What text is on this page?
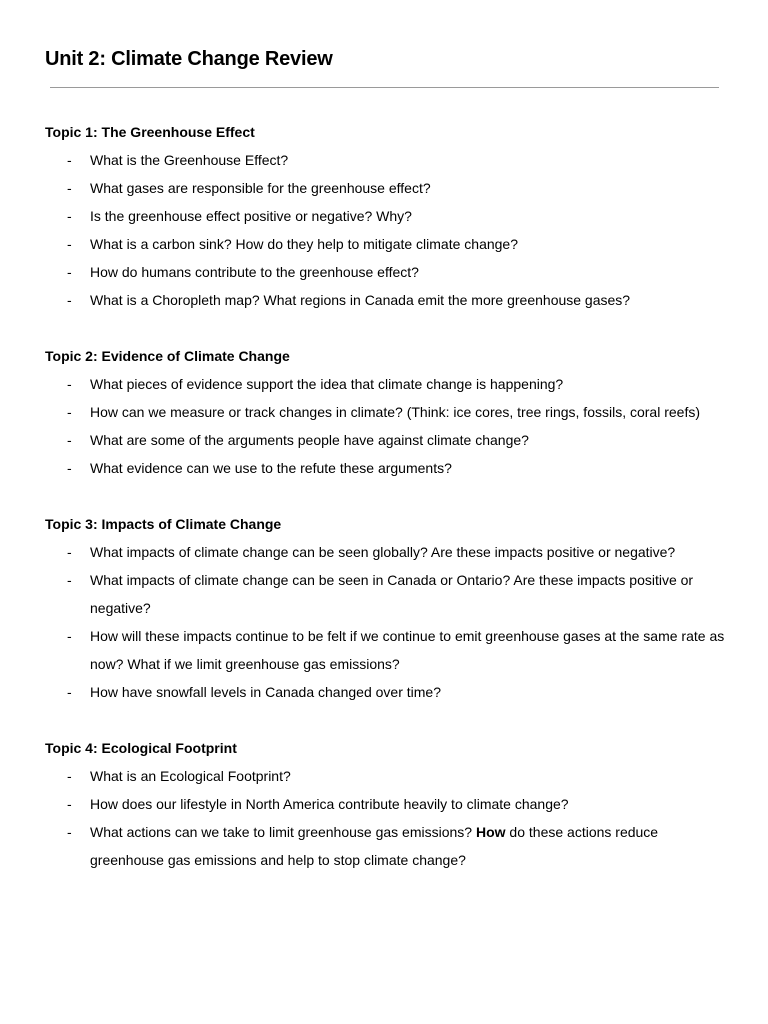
Unit 2: Climate Change Review
Topic 1: The Greenhouse Effect
- What is the Greenhouse Effect?
- What gases are responsible for the greenhouse effect?
- Is the greenhouse effect positive or negative? Why?
- What is a carbon sink? How do they help to mitigate climate change?
- How do humans contribute to the greenhouse effect?
- What is a Choropleth map? What regions in Canada emit the more greenhouse gases?
Topic 2: Evidence of Climate Change
- What pieces of evidence support the idea that climate change is happening?
- How can we measure or track changes in climate? (Think: ice cores, tree rings, fossils, coral reefs)
- What are some of the arguments people have against climate change?
- What evidence can we use to the refute these arguments?
Topic 3: Impacts of Climate Change
- What impacts of climate change can be seen globally? Are these impacts positive or negative?
- What impacts of climate change can be seen in Canada or Ontario? Are these impacts positive or negative?
- How will these impacts continue to be felt if we continue to emit greenhouse gases at the same rate as now? What if we limit greenhouse gas emissions?
- How have snowfall levels in Canada changed over time?
Topic 4: Ecological Footprint
- What is an Ecological Footprint?
- How does our lifestyle in North America contribute heavily to climate change?
- What actions can we take to limit greenhouse gas emissions? How do these actions reduce greenhouse gas emissions and help to stop climate change?
